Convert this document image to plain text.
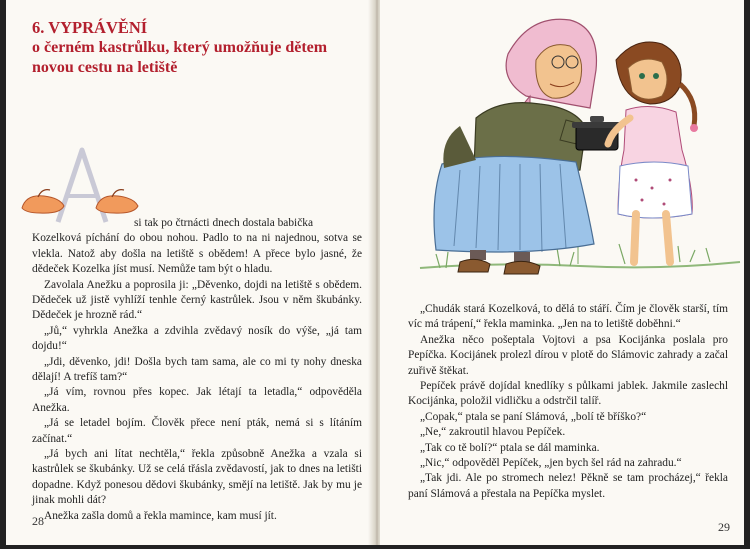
6. VYPRÁVĚNÍ
o černém kastrůlku, který umožňuje dětem novou cestu na letiště
si tak po čtrnácti dnech dostala babička

Kozelková píchání do obou nohou. Padlo to na ni najednou, sotva se vlekla. Natož aby došla na letiště s obědem! A přece bylo jasné, že dědeček Kozelka jíst musí. Nemůže tam být o hladu.

Zavolala Anežku a poprosila ji: „Děvenko, dojdi na letiště s obědem. Dědeček už jistě vyhlíží tenhle černý kastrůlek. Jsou v něm škubánky. Dědeček je hrozně rád.“

„Jů,“ vyhrkla Anežka a zdvihla zvědavý nosík do výše, „já tam dojdu!“

„Jdi, děvenko, jdi! Došla bych tam sama, ale co mi ty nohy dneska dělají! A trefíš tam?“

„Já vím, rovnou přes kopec. Jak létají ta letadla,“ odpověděla Anežka.

„Já se letadel bojím. Člověk přece není pták, nemá si s lítáním začínat.“

„Já bych ani lítat nechtěla,“ řekla způsobně Anežka a vzala si kastrůlek se škubánky. Už se celá třásla zvědavostí, jak to dnes na letišti dopadne. Když ponesou dědovi škubánky, smějí na letiště. Jak by mu je jinak mohli dát?

Anežka zašla domů a řekla mamince, kam musí jít.

28

„Chudák stará Kozelková, to dělá to stáří. Čím je člověk starší, tím víc má trápení,“ řekla maminka. „Jen na to letiště doběhni.“

Anežka něco pošeptala Vojtovi a psa Kocijánka poslala pro Pepíčka. Kocijánek prolezl dírou v plotě do Slámovic zahrady a začal zuřivě štěkat.

Pepíček právě dojídal knedlíky s půlkami jablek. Jakmile zaslechl Kocijánka, položil vidličku a odstrčil talíř.

„Copak,“ ptala se paní Slámová, „bolí tě bříško?“

„Ne,“ zakroutil hlavou Pepíček.

„Tak co tě bolí?“ ptala se dál maminka.

„Nic,“ odpověděl Pepíček, „jen bych šel rád na zahradu.“

„Tak jdi. Ale po stromech nelez! Pěkně se tam procházej,“ řekla paní Slámová a přestala na Pepíčka myslet.

29
